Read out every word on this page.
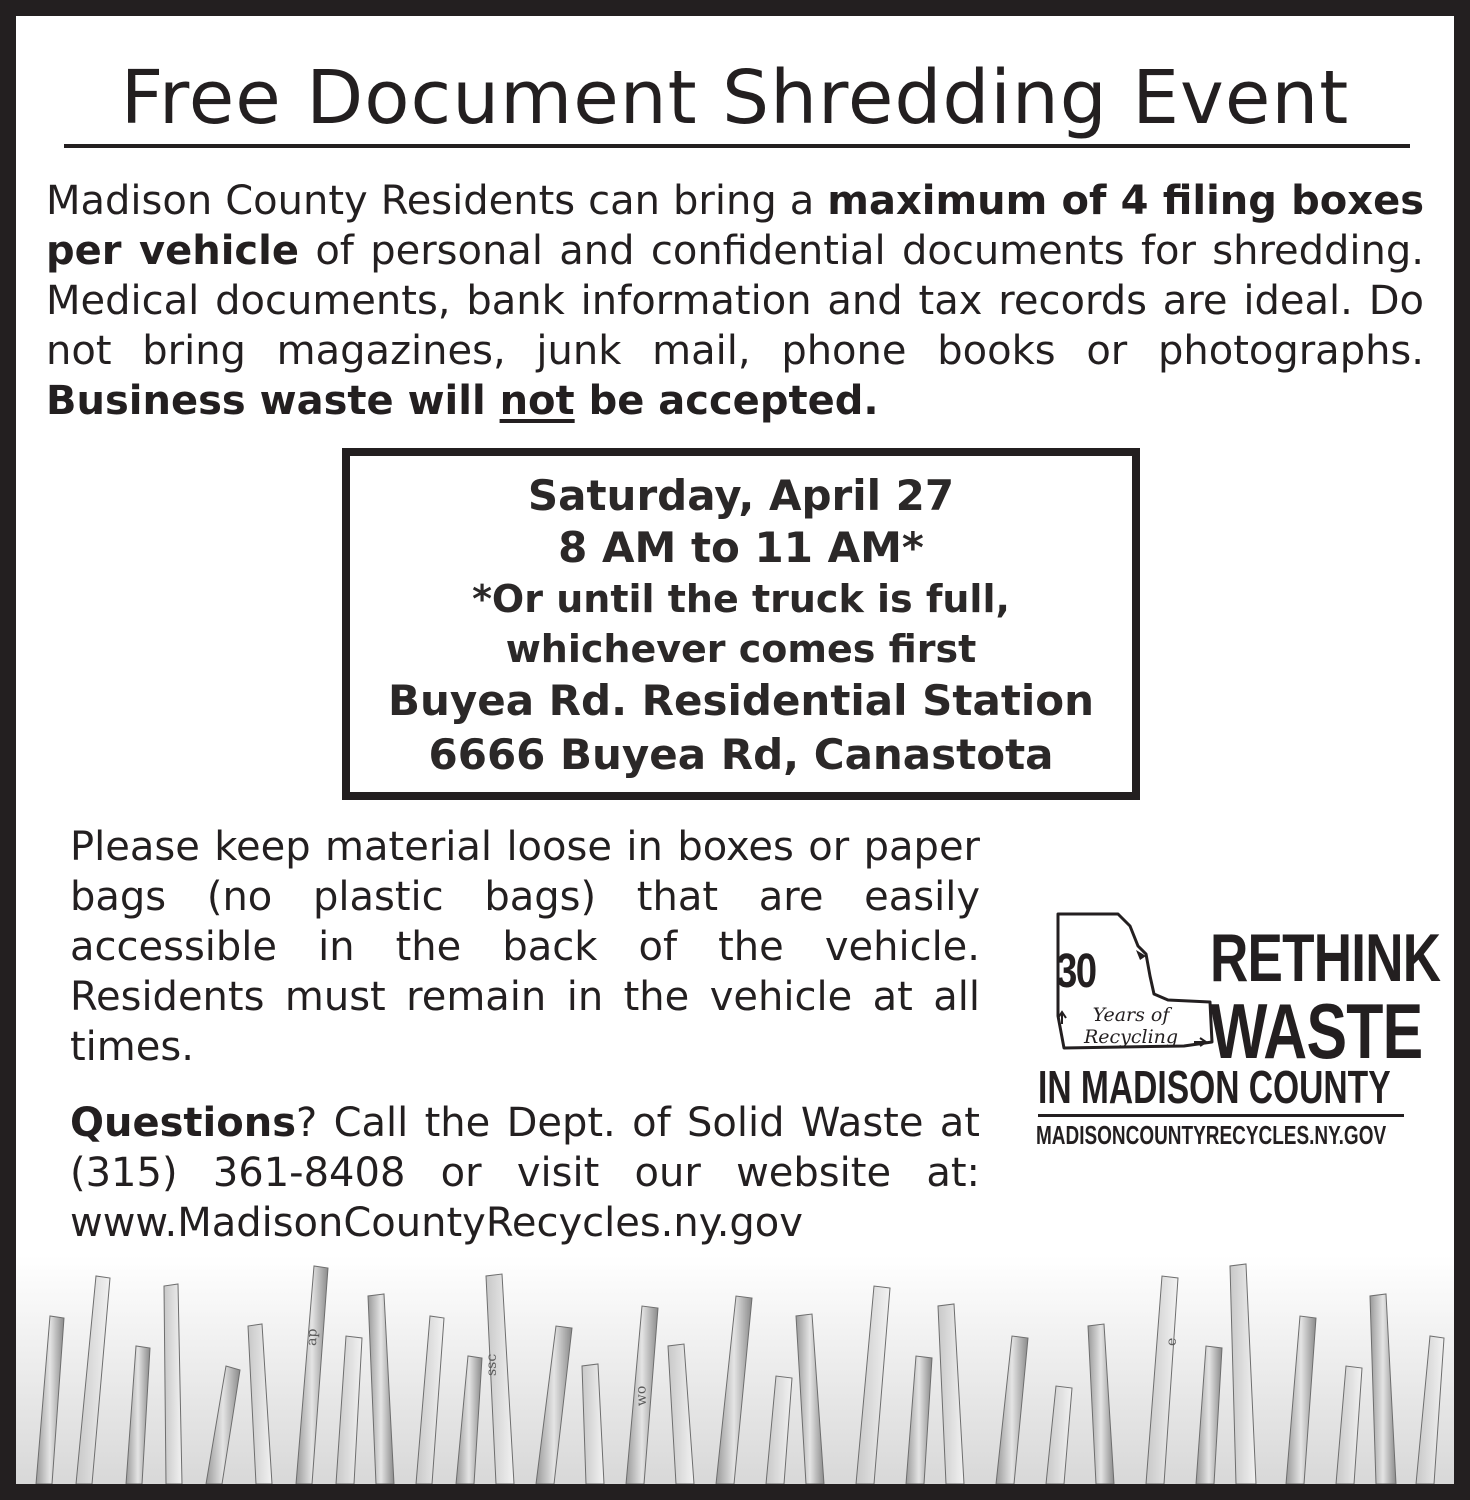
Free Document Shredding Event

Madison County Residents can bring a maximum of 4 filing boxes per vehicle of personal and confidential documents for shredding. Medical documents, bank information and tax records are ideal. Do not bring magazines, junk mail, phone books or photographs. Business waste will not be accepted.

Saturday, April 27
8 AM to 11 AM*
*Or until the truck is full,
whichever comes first
Buyea Rd. Residential Station
6666 Buyea Rd, Canastota

Please keep material loose in boxes or paper bags (no plastic bags) that are easily accessible in the back of the vehicle. Residents must remain in the vehicle at all times.

Questions? Call the Dept. of Solid Waste at (315) 361-8408 or visit our website at: www.MadisonCountyRecycles.ny.gov

30
Years of
Recycling
RETHINK
WASTE
IN MADISON COUNTY
MADISONCOUNTYRECYCLES.NY.GOV
ap
ssc
wo
e
